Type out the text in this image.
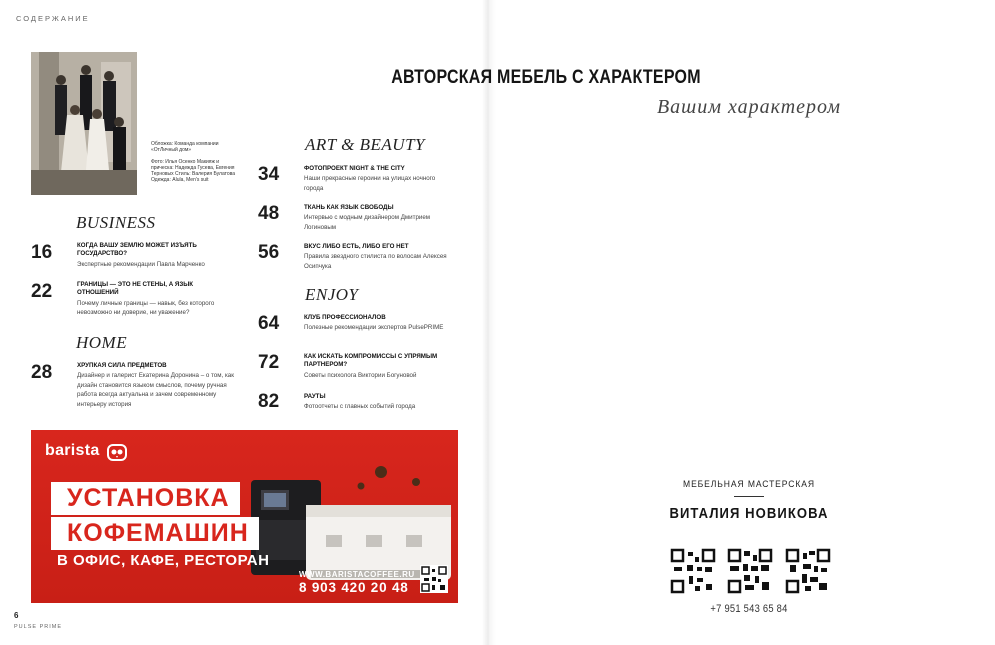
СОДЕРЖАНИЕ

Обложка: Команда компании «ОтЛичный дом»

Фото: Илья Осенко Макияж и прическа: Надежда Гусева, Евгения Терновых Стиль: Валерия Булатова Одежда: Alula, Men's suit

BUSINESS
16	КОГДА ВАШУ ЗЕМЛЮ МОЖЕТ ИЗЪЯТЬ ГОСУДАРСТВО?
Экспертные рекомендации Павла Марченко
22	ГРАНИЦЫ — ЭТО НЕ СТЕНЫ, А ЯЗЫК ОТНОШЕНИЙ
Почему личные границы — навык, без которого невозможно ни доверие, ни уважение?
HOME
28	ХРУПКАЯ СИЛА ПРЕДМЕТОВ
Дизайнер и галерист Екатерина Доронина – о том, как дизайн становится языком смыслов, почему ручная работа всегда актуальна и зачем современному интерьеру история
ART & BEAUTY
34	ФОТОПРОЕКТ NIGHT & THE CITY
Наши прекрасные героини на улицах ночного города
48	ТКАНЬ КАК ЯЗЫК СВОБОДЫ
Интервью с модным дизайнером Дмитрием Логиновым
56	ВКУС ЛИБО ЕСТЬ, ЛИБО ЕГО НЕТ
Правила звездного стилиста по волосам Алексея Осипчука
ENJOY
64	КЛУБ ПРОФЕССИОНАЛОВ
Полезные рекомендации экспертов PulsePRIME
72	КАК ИСКАТЬ КОМПРОМИССЫ С УПРЯМЫМ ПАРТНЕРОМ?
Советы психолога Виктории Богуновой
82	РАУТЫ
Фотоотчеты с главных событий города
barista
УСТАНОВКА
КОФЕМАШИН
В ОФИС, КАФЕ, РЕСТОРАН
WWW.BARISTACOFFEE.RU
8 903 420 20 48
6
PULSE PRIME
АВТОРСКАЯ МЕБЕЛЬ С ХАРАКТЕРОМ
Вашим характером
МЕБЕЛЬНАЯ МАСТЕРСКАЯ
ВИТАЛИЯ НОВИКОВА
+7 951 543 65 84
